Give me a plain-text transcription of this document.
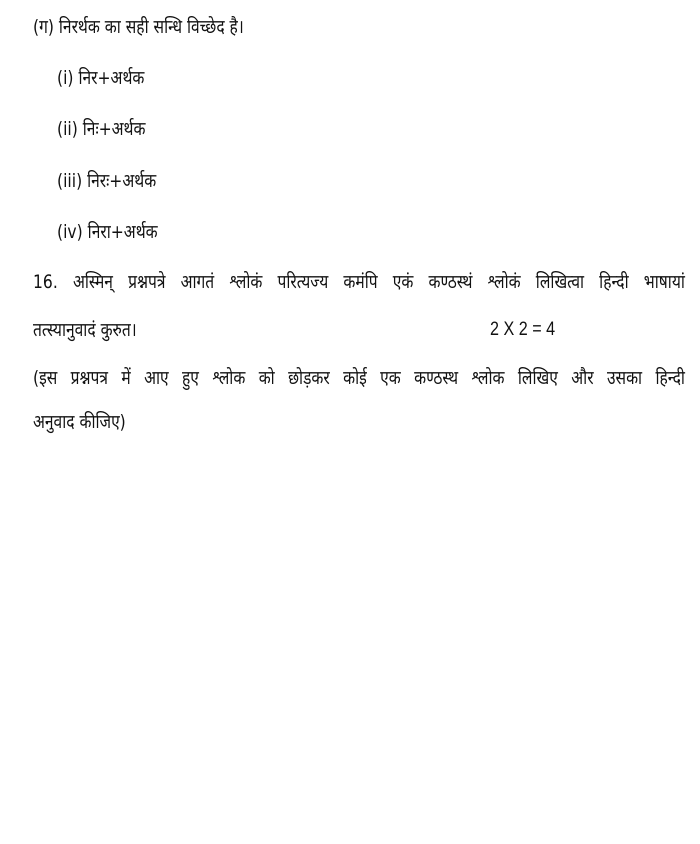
(ग) निरर्थक का सही सन्धि विच्छेद है।
(i) निर+अर्थक
(ii) निः+अर्थक
(iii) निरः+अर्थक
(iv) निरा+अर्थक
16. अस्मिन् प्रश्नपत्रे आगतं श्लोकं परित्यज्य कमंपि एकं कण्ठस्थं श्लोकं लिखित्वा हिन्दी भाषायां
तत्स्यानुवादं कुरुत।	2 X 2 = 4
(इस प्रश्नपत्र में आए हुए श्लोक को छोड़कर कोई एक कण्ठस्थ श्लोक लिखिए और उसका हिन्दी
अनुवाद कीजिए)
